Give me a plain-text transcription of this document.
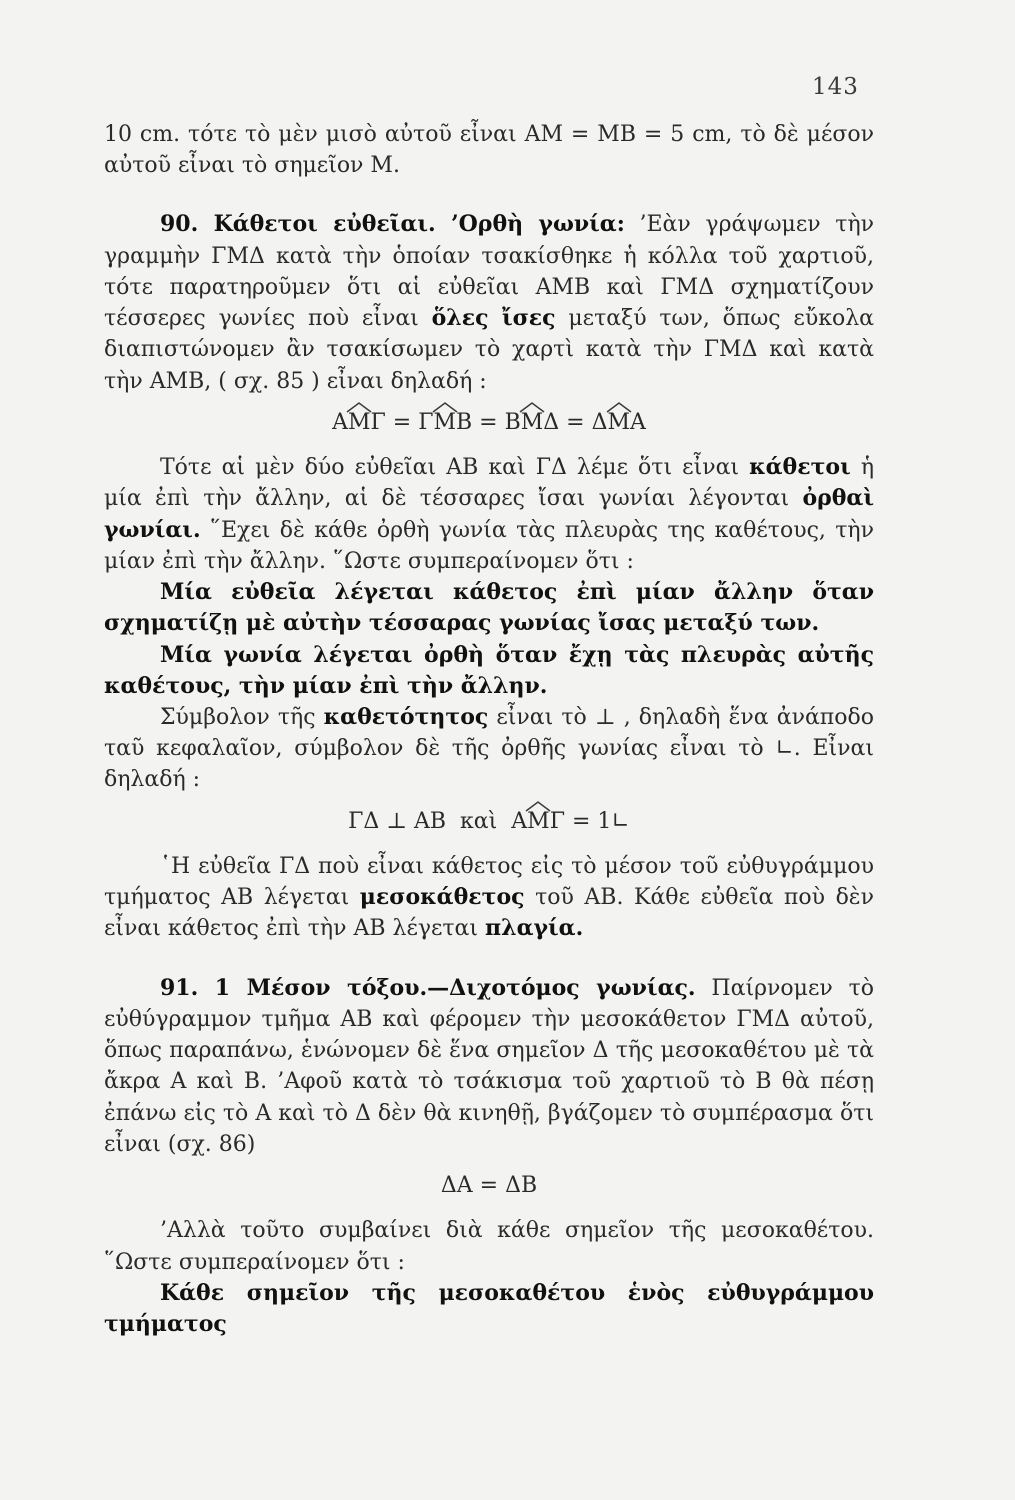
143

10 cm. τότε τὸ μὲν μισὸ αὐτοῦ εἶναι ΑΜ = ΜΒ = 5 cm, τὸ δὲ μέσον αὐτοῦ εἶναι τὸ σημεῖον Μ.

90. Κάθετοι εὐθεῖαι. ’Ορθὴ γωνία: ’Εὰν γράψωμεν τὴν γραμμὴν ΓΜΔ κατὰ τὴν ὁποίαν τσακίσθηκε ἡ κόλλα τοῦ χαρτιοῦ, τότε παρατηροῦμεν ὅτι αἱ εὐθεῖαι ΑΜΒ καὶ ΓΜΔ σχηματίζουν τέσσερες γωνίες ποὺ εἶναι ὅλες ἴσες μεταξύ των, ὅπως εὔκολα διαπιστώνομεν ἂν τσακίσωμεν τὸ χαρτὶ κατὰ τὴν ΓΜΔ καὶ κατὰ τὴν ΑΜΒ, ( σχ. 85 ) εἶναι δηλαδή :

ΑΜΓ =
ΓΜΒ =
ΒΜΔ =
ΔΜΑ

Τότε αἱ μὲν δύο εὐθεῖαι ΑΒ καὶ ΓΔ λέμε ὅτι εἶναι κάθετοι ἡ μία ἐπὶ τὴν ἄλλην, αἱ δὲ τέσσαρες ἴσαι γωνίαι λέγονται ὀρθαὶ γωνίαι. ῞Εχει δὲ κάθε ὀρθὴ γωνία τὰς πλευρὰς της καθέτους, τὴν μίαν ἐπὶ τὴν ἄλλην. ῞Ωστε συμπεραίνομεν ὅτι :

Μία εὐθεῖα λέγεται κάθετος ἐπὶ μίαν ἄλλην ὅταν σχηματίζῃ μὲ αὐτὴν τέσσαρας γωνίας ἴσας μεταξύ των.

Μία γωνία λέγεται ὀρθὴ ὅταν ἔχῃ τὰς πλευρὰς αὐτῆς καθέτους, τὴν μίαν ἐπὶ τὴν ἄλλην.

Σύμβολον τῆς καθετότητος εἶναι τὸ ⊥ , δηλαδὴ ἕνα ἀνάποδο ταῦ κεφαλαῖον, σύμβολον δὲ τῆς ὀρθῆς γωνίας εἶναι τὸ ∟. Εἶναι δηλαδή :

ΓΔ ⊥ ΑΒ καὶ ΑΜΓ = 1∟

῾Η εὐθεῖα ΓΔ ποὺ εἶναι κάθετος εἰς τὸ μέσον τοῦ εὐθυγράμμου τμήματος ΑΒ λέγεται μεσοκάθετος τοῦ ΑΒ. Κάθε εὐθεῖα ποὺ δὲν εἶναι κάθετος ἐπὶ τὴν ΑΒ λέγεται πλαγία.

91. 1 Μέσον τόξου.—Διχοτόμος γωνίας. Παίρνομεν τὸ εὐθύγραμμον τμῆμα ΑΒ καὶ φέρομεν τὴν μεσοκάθετον ΓΜΔ αὐτοῦ, ὅπως παραπάνω, ἑνώνομεν δὲ ἕνα σημεῖον Δ τῆς μεσοκαθέτου μὲ τὰ ἄκρα Α καὶ Β. ’Αφοῦ κατὰ τὸ τσάκισμα τοῦ χαρτιοῦ τὸ Β θὰ πέσῃ ἐπάνω εἰς τὸ Α καὶ τὸ Δ δὲν θὰ κινηθῇ, βγάζομεν τὸ συμπέρασμα ὅτι εἶναι (σχ. 86)

ΔΑ = ΔΒ

’Αλλὰ τοῦτο συμβαίνει διὰ κάθε σημεῖον τῆς μεσοκαθέτου. ῞Ωστε συμπεραίνομεν ὅτι :

Κάθε σημεῖον τῆς μεσοκαθέτου ἑνὸς εὐθυγράμμου τμήματος
